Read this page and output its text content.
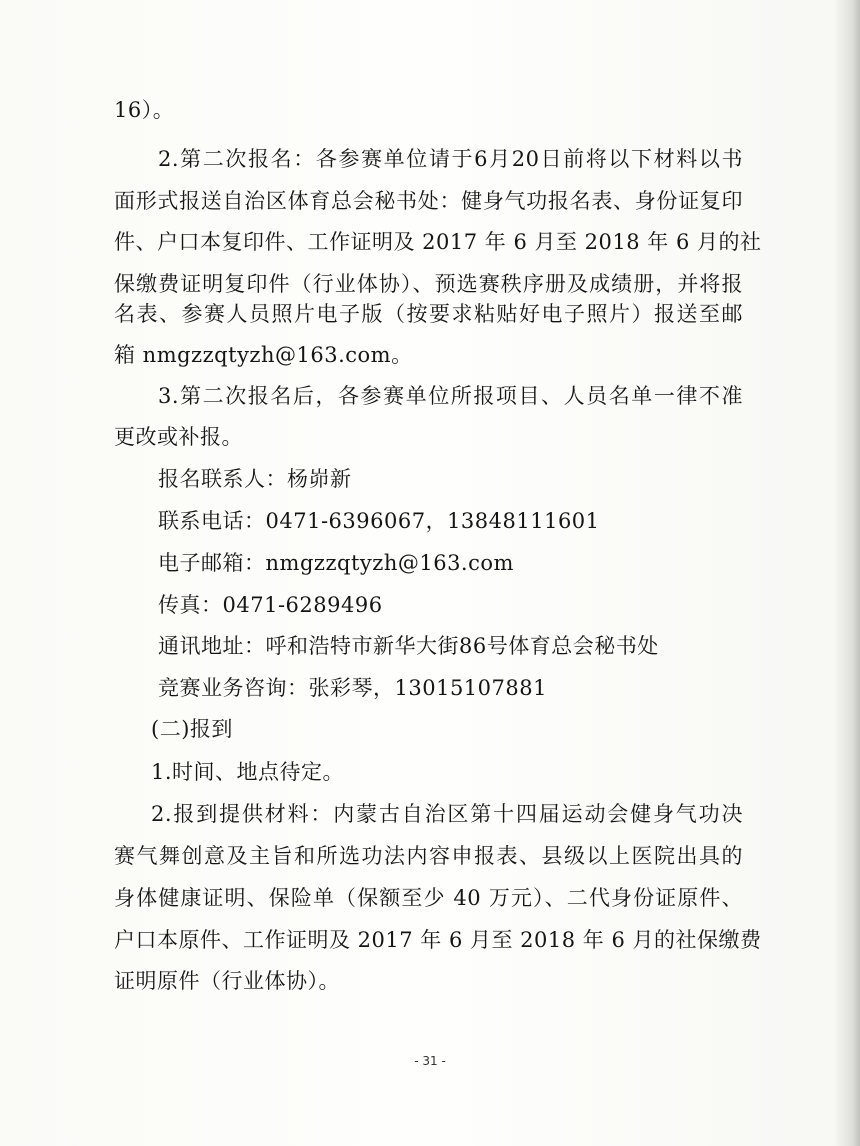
16）。
2.第二次报名：各参赛单位请于6月20日前将以下材料以书
面形式报送自治区体育总会秘书处：健身气功报名表、身份证复印
件、户口本复印件、工作证明及 2017 年 6 月至 2018 年 6 月的社
保缴费证明复印件（行业体协）、预选赛秩序册及成绩册，并将报
名表、参赛人员照片电子版（按要求粘贴好电子照片）报送至邮
箱 nmgzzqtyzh@163.com。
3.第二次报名后，各参赛单位所报项目、人员名单一律不准
更改或补报。
报名联系人：杨峁新
联系电话：0471-6396067，13848111601
电子邮箱：nmgzzqtyzh@163.com
传真：0471-6289496
通讯地址：呼和浩特市新华大街86号体育总会秘书处
竞赛业务咨询：张彩琴，13015107881
(二)报到
1.时间、地点待定。
2.报到提供材料：内蒙古自治区第十四届运动会健身气功决
赛气舞创意及主旨和所选功法内容申报表、县级以上医院出具的
身体健康证明、保险单（保额至少 40 万元）、二代身份证原件、
户口本原件、工作证明及 2017 年 6 月至 2018 年 6 月的社保缴费
证明原件（行业体协）。
- 31 -
